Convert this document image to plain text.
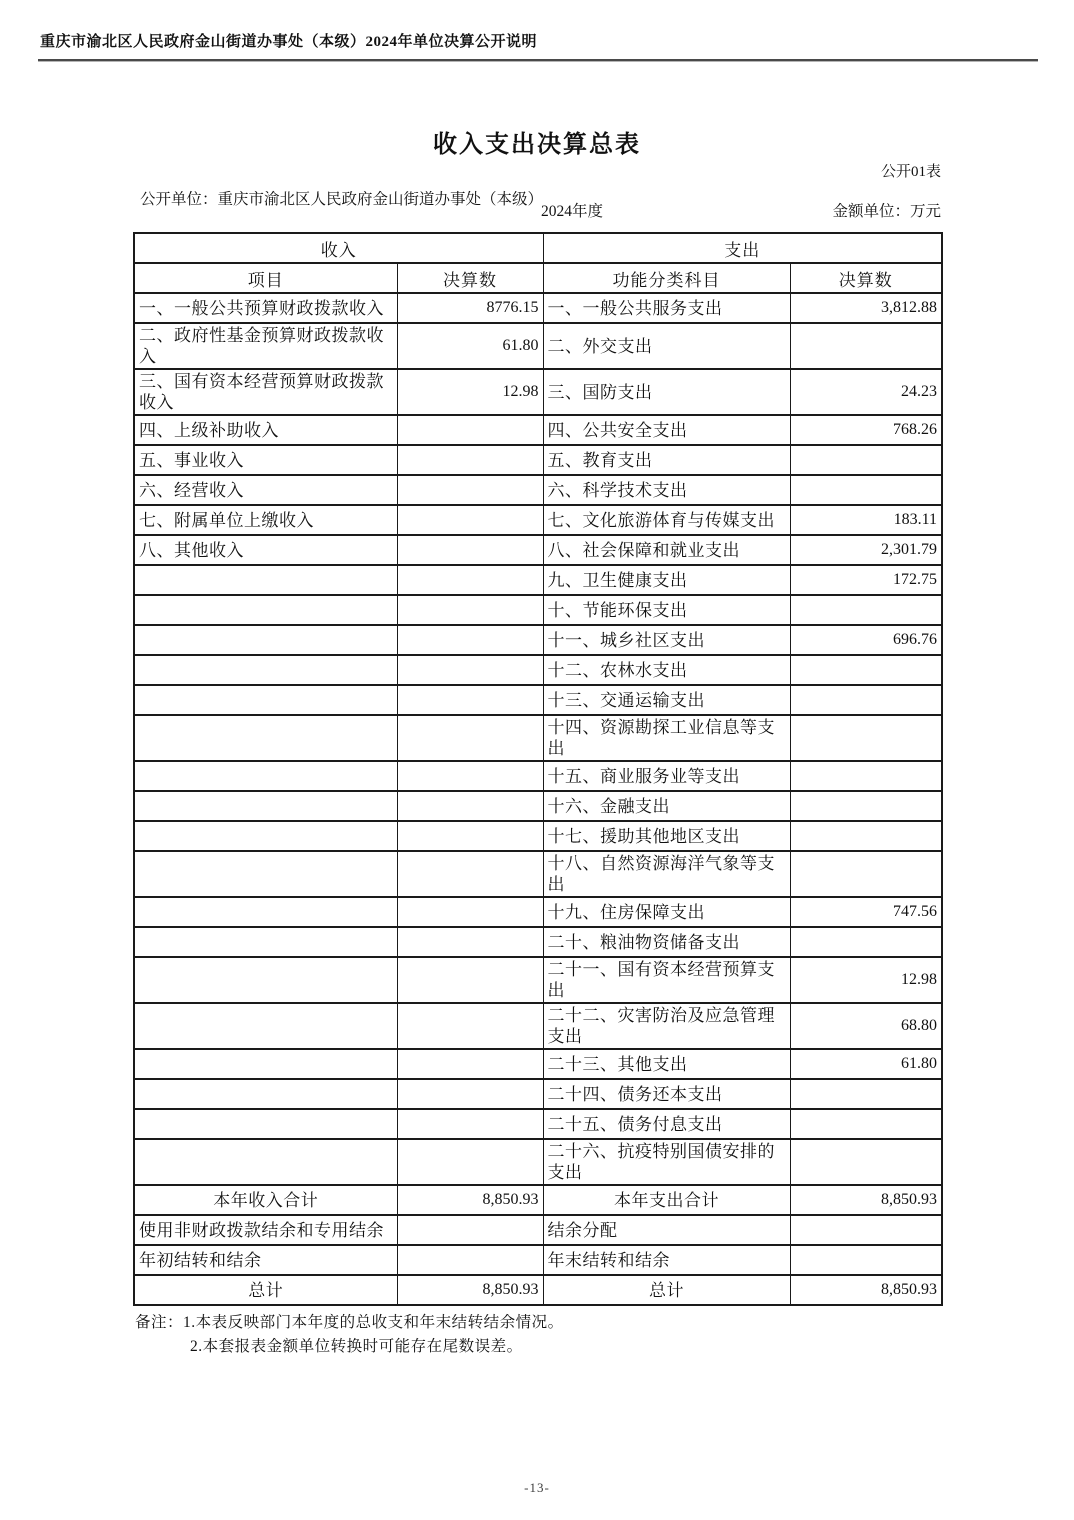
重庆市渝北区人民政府金山街道办事处（本级）2024年单位决算公开说明
收入支出决算总表
公开01表
公开单位：重庆市渝北区人民政府金山街道办事处（本级）
2024年度	金额单位：万元
收入		支出	
项目	决算数	功能分类科目	决算数
一、一般公共预算财政拨款收入	8776.15	一、一般公共服务支出	3,812.88
二、政府性基金预算财政拨款收入	61.80	二、外交支出	
三、国有资本经营预算财政拨款收入	12.98	三、国防支出	24.23
四、上级补助收入		四、公共安全支出	768.26
五、事业收入		五、教育支出	
六、经营收入		六、科学技术支出	
七、附属单位上缴收入		七、文化旅游体育与传媒支出	183.11
八、其他收入		八、社会保障和就业支出	2,301.79
		九、卫生健康支出	172.75
		十、节能环保支出	
		十一、城乡社区支出	696.76
		十二、农林水支出	
		十三、交通运输支出	
		十四、资源勘探工业信息等支出	
		十五、商业服务业等支出	
		十六、金融支出	
		十七、援助其他地区支出	
		十八、自然资源海洋气象等支出	
		十九、住房保障支出	747.56
		二十、粮油物资储备支出	
		二十一、国有资本经营预算支出	12.98
		二十二、灾害防治及应急管理支出	68.80
		二十三、其他支出	61.80
		二十四、债务还本支出	
		二十五、债务付息支出	
		二十六、抗疫特别国债安排的支出	
本年收入合计	8,850.93	本年支出合计	8,850.93
使用非财政拨款结余和专用结余		结余分配	
年初结转和结余		年末结转和结余	
总计	8,850.93	总计	8,850.93
备注：1.本表反映部门本年度的总收支和年末结转结余情况。
2.本套报表金额单位转换时可能存在尾数误差。
-13-
